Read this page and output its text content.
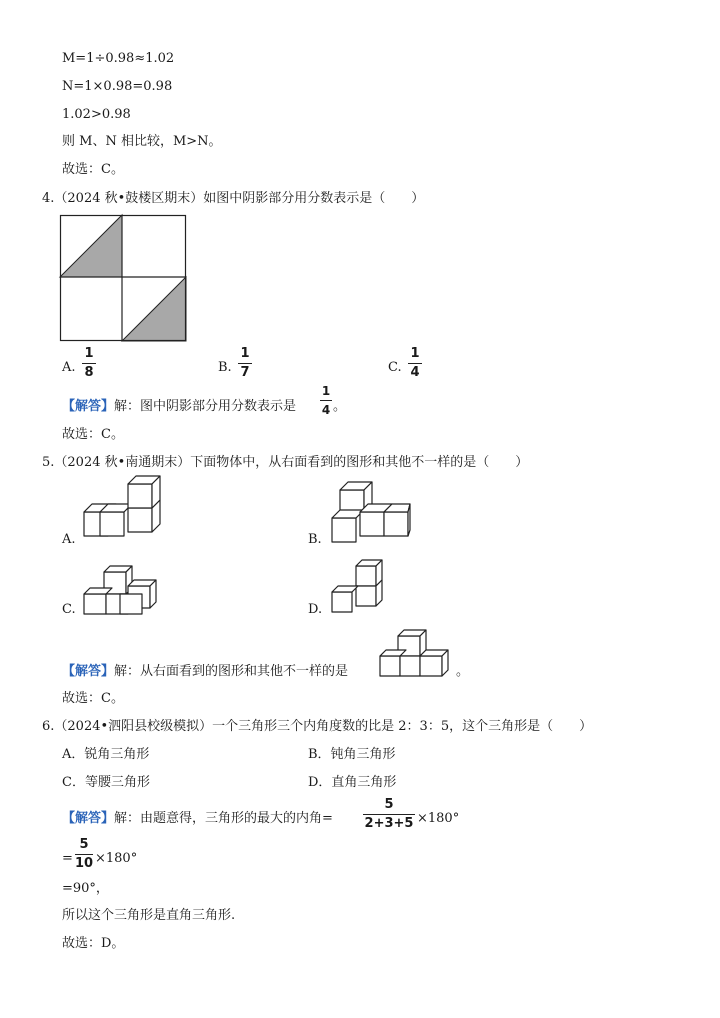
M=1÷0.98≈1.02
N=1×0.98=0.98
1.02>0.98
则 M、N 相比较，M>N。
故选：C。
4.（2024 秋•鼓楼区期末）如图中阴影部分用分数表示是（　　）
A.
1
8	B.
1
7	C.
1
4
【解答】解：图中阴影部分用分数表示是
1
4 。
故选：C。
5.（2024 秋•南通期末）下面物体中，从右面看到的图形和其他不一样的是（　　）
A.	B.
C.	D.
【解答】解：从右面看到的图形和其他不一样的是	。
故选：C。
6.（2024•泗阳县校级模拟）一个三角形三个内角度数的比是 2：3：5，这个三角形是（　　）
A．锐角三角形	B．钝角三角形
C．等腰三角形	D．直角三角形
【解答】解：由题意得，三角形的最大的内角=
5
2+3+5 ×180°
=
5
10 ×180°
=90°，
所以这个三角形是直角三角形.
故选：D。
